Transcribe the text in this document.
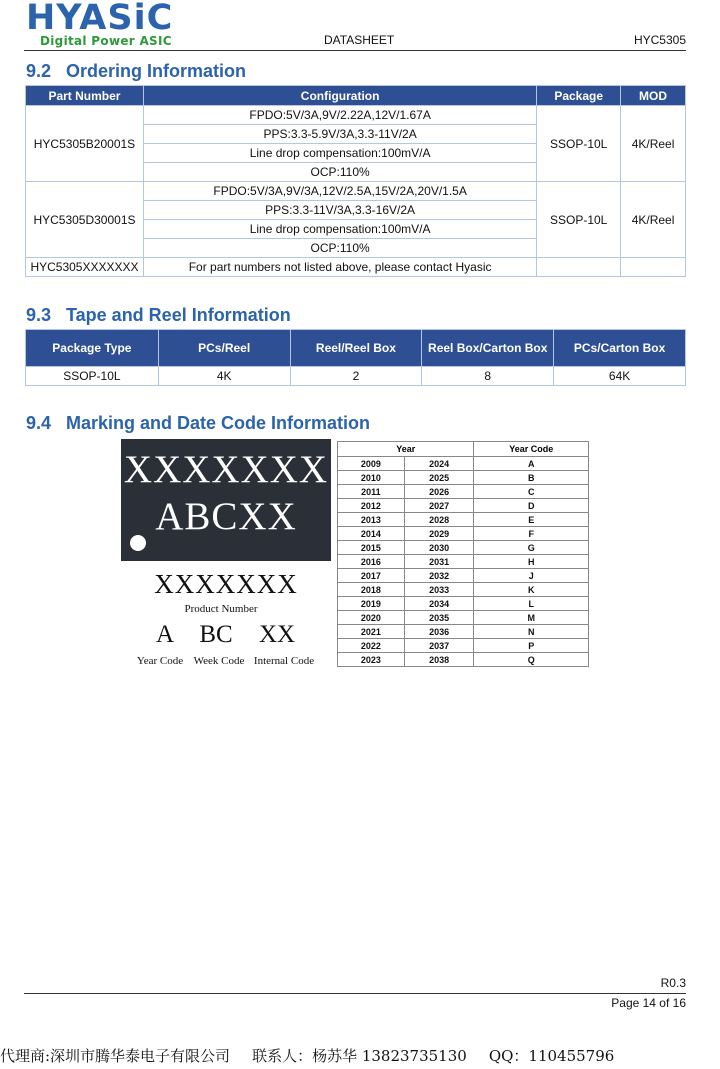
HYASiC
Digital Power ASIC	DATASHEET	HYC5305
9.2 Ordering Information
Part Number	Configuration	Package	MOD
HYC5305B20001S	FPDO:5V/3A,9V/2.22A,12V/1.67A	SSOP-10L	4K/Reel
	PPS:3.3-5.9V/3A,3.3-11V/2A		
	Line drop compensation:100mV/A		
	OCP:110%		
HYC5305D30001S	FPDO:5V/3A,9V/3A,12V/2.5A,15V/2A,20V/1.5A	SSOP-10L	4K/Reel
	PPS:3.3-11V/3A,3.3-16V/2A		
	Line drop compensation:100mV/A		
	OCP:110%		
HYC5305XXXXXXX	For part numbers not listed above, please contact Hyasic		
9.3 Tape and Reel Information
Package Type	PCs/Reel	Reel/Reel Box	Reel Box/Carton Box	PCs/Carton Box
SSOP-10L	4K	2	8	64K
9.4 Marking and Date Code Information
XXXXXXX
ABCXX
XXXXXXX
Product Number
A	BC	XX
Year Code Week Code Internal Code
Year		Year Code
2009	2024	A
2010	2025	B
2011	2026	C
2012	2027	D
2013	2028	E
2014	2029	F
2015	2030	G
2016	2031	H
2017	2032	J
2018	2033	K
2019	2034	L
2020	2035	M
2021	2036	N
2022	2037	P
2023	2038	Q
R0.3
Page 14 of 16
代理商:深圳市腾华泰电子有限公司 联系人：杨苏华 13823735130 QQ：110455796
